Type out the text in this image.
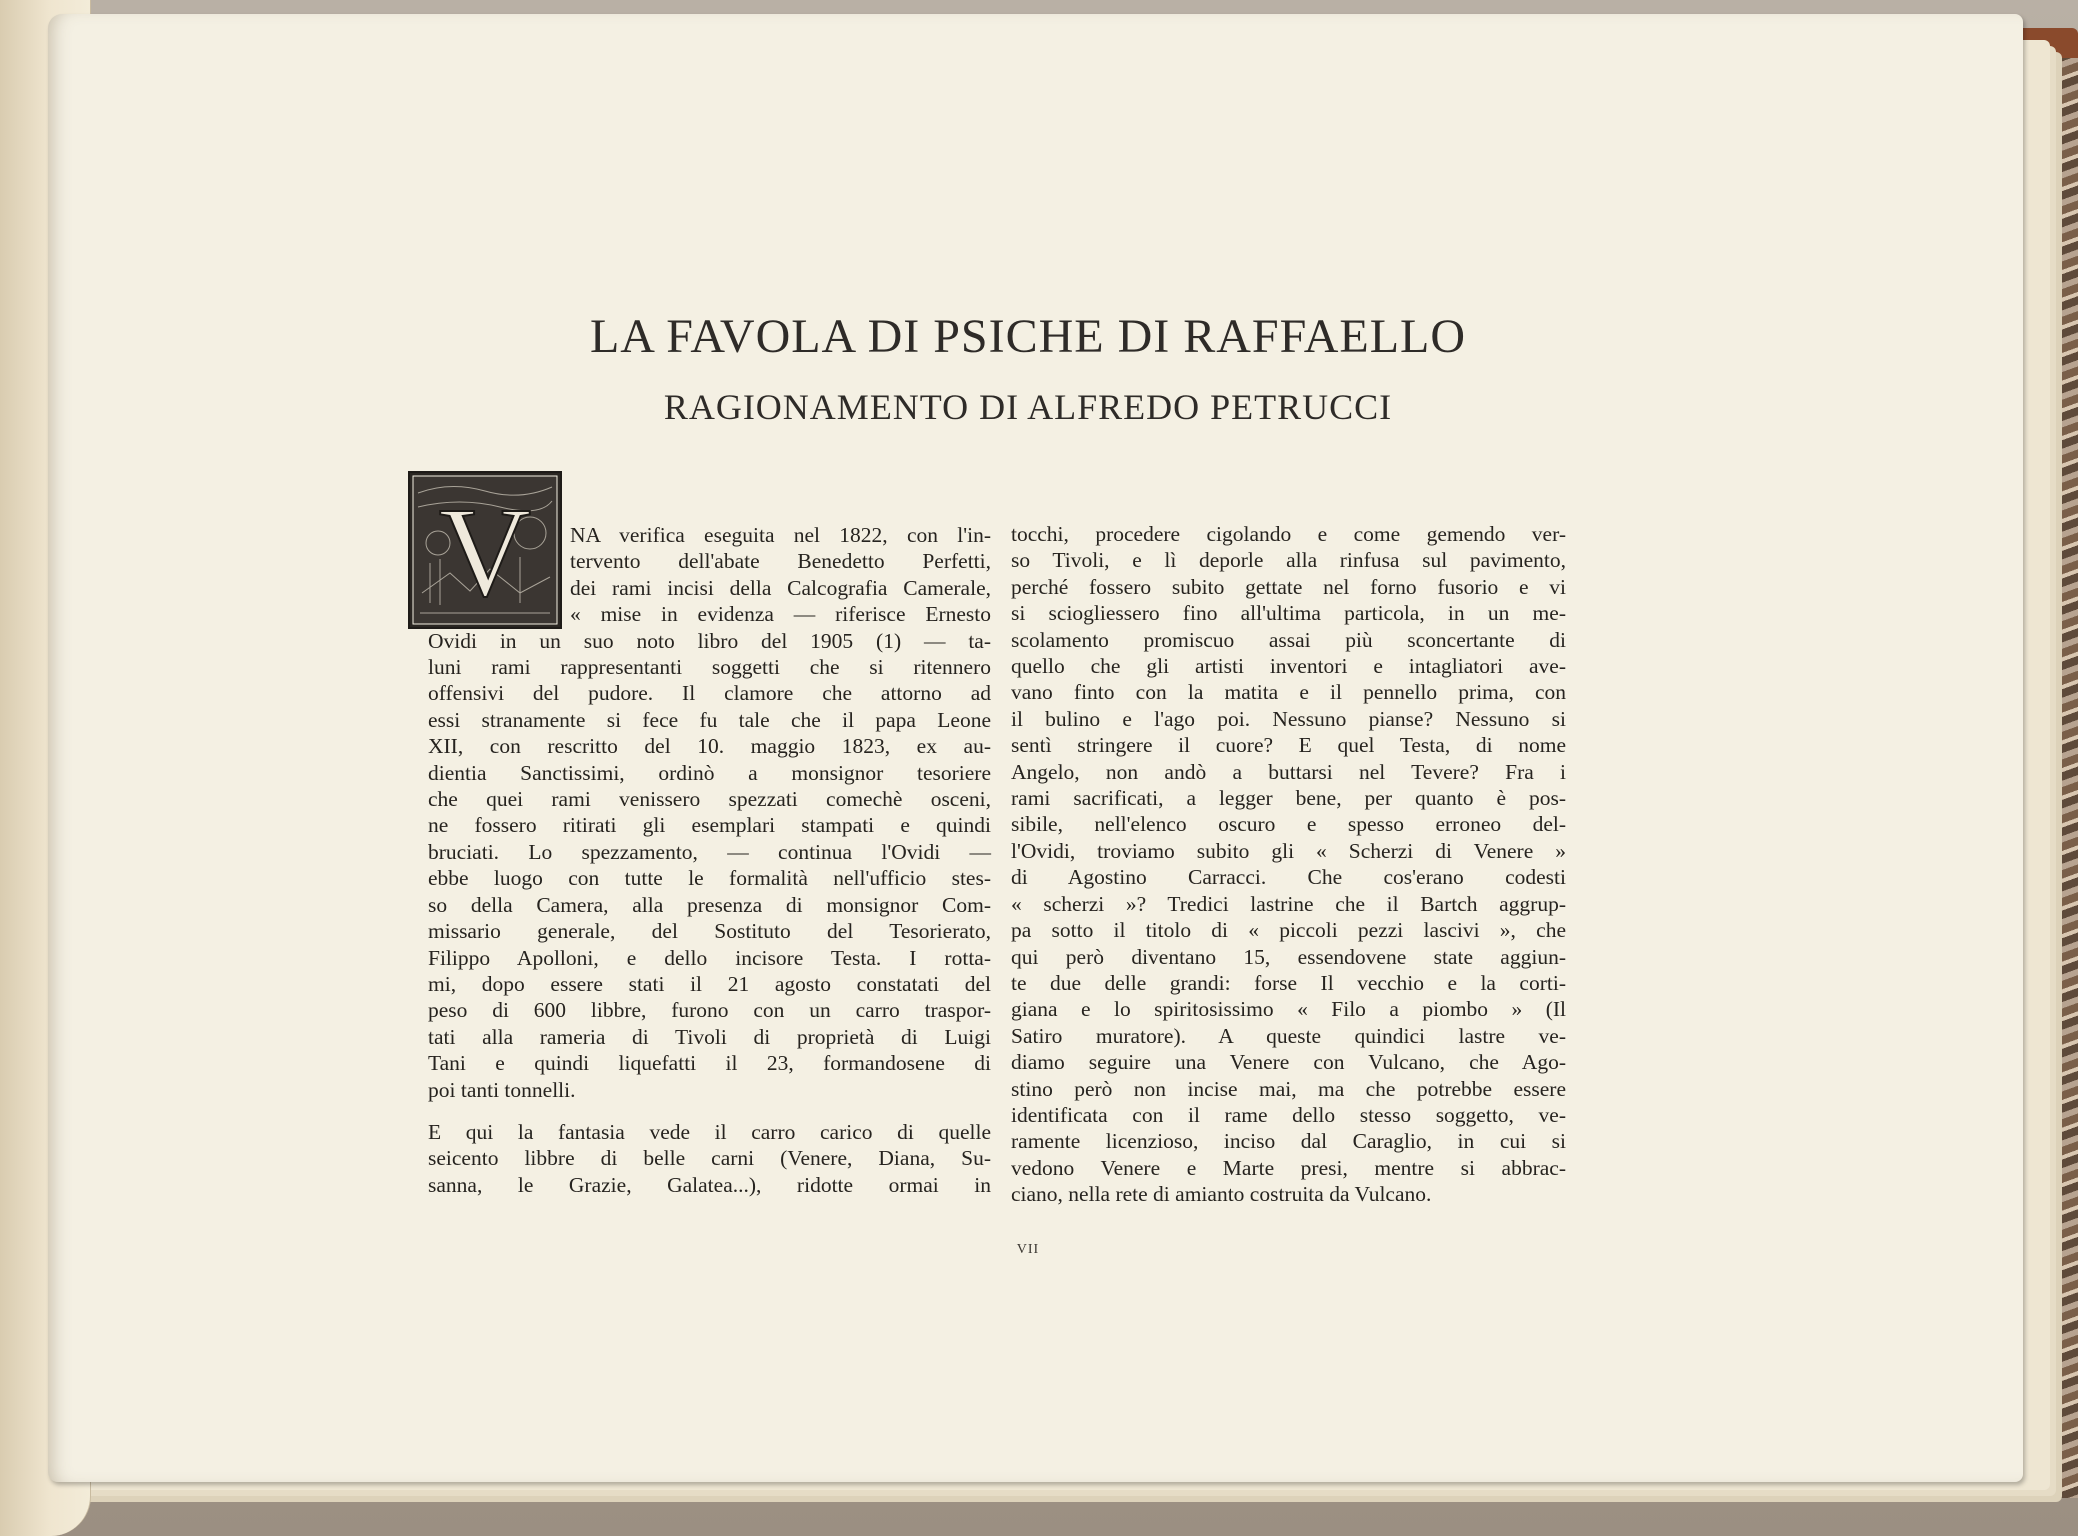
LA FAVOLA DI PSICHE DI RAFFAELLO
RAGIONAMENTO DI ALFREDO PETRUCCI
V	NA verifica eseguita nel 1822, con l'in-
tervento dell'abate Benedetto Perfetti,
dei rami incisi della Calcografia Camerale,
« mise in evidenza — riferisce Ernesto
Ovidi in un suo noto libro del 1905 (1) — ta-
luni rami rappresentanti soggetti che si ritennero
offensivi del pudore. Il clamore che attorno ad
essi stranamente si fece fu tale che il papa Leone
XII, con rescritto del 10. maggio 1823, ex au-
dientia Sanctissimi, ordinò a monsignor tesoriere
che quei rami venissero spezzati comechè osceni,
ne fossero ritirati gli esemplari stampati e quindi
bruciati. Lo spezzamento, — continua l'Ovidi —
ebbe luogo con tutte le formalità nell'ufficio stes-
so della Camera, alla presenza di monsignor Com-
missario generale, del Sostituto del Tesorierato,
Filippo Apolloni, e dello incisore Testa. I rotta-
mi, dopo essere stati il 21 agosto constatati del
peso di 600 libbre, furono con un carro traspor-
tati alla rameria di Tivoli di proprietà di Luigi
Tani e quindi liquefatti il 23, formandosene di
poi tanti tonnelli.

E qui la fantasia vede il carro carico di quelle
seicento libbre di belle carni (Venere, Diana, Su-
sanna, le Grazie, Galatea...), ridotte ormai in

tocchi, procedere cigolando e come gemendo ver-
so Tivoli, e lì deporle alla rinfusa sul pavimento,
perché fossero subito gettate nel forno fusorio e vi
si sciogliessero fino all'ultima particola, in un me-
scolamento promiscuo assai più sconcertante di
quello che gli artisti inventori e intagliatori ave-
vano finto con la matita e il pennello prima, con
il bulino e l'ago poi. Nessuno pianse? Nessuno si
sentì stringere il cuore? E quel Testa, di nome
Angelo, non andò a buttarsi nel Tevere? Fra i
rami sacrificati, a legger bene, per quanto è pos-
sibile, nell'elenco oscuro e spesso erroneo del-
l'Ovidi, troviamo subito gli « Scherzi di Venere »
di Agostino Carracci. Che cos'erano codesti
« scherzi »? Tredici lastrine che il Bartch aggrup-
pa sotto il titolo di « piccoli pezzi lascivi », che
qui però diventano 15, essendovene state aggiun-
te due delle grandi: forse Il vecchio e la corti-
giana e lo spiritosissimo « Filo a piombo » (Il
Satiro muratore). A queste quindici lastre ve-
diamo seguire una Venere con Vulcano, che Ago-
stino però non incise mai, ma che potrebbe essere
identificata con il rame dello stesso soggetto, ve-
ramente licenzioso, inciso dal Caraglio, in cui si
vedono Venere e Marte presi, mentre si abbrac-
ciano, nella rete di amianto costruita da Vulcano.

VII
